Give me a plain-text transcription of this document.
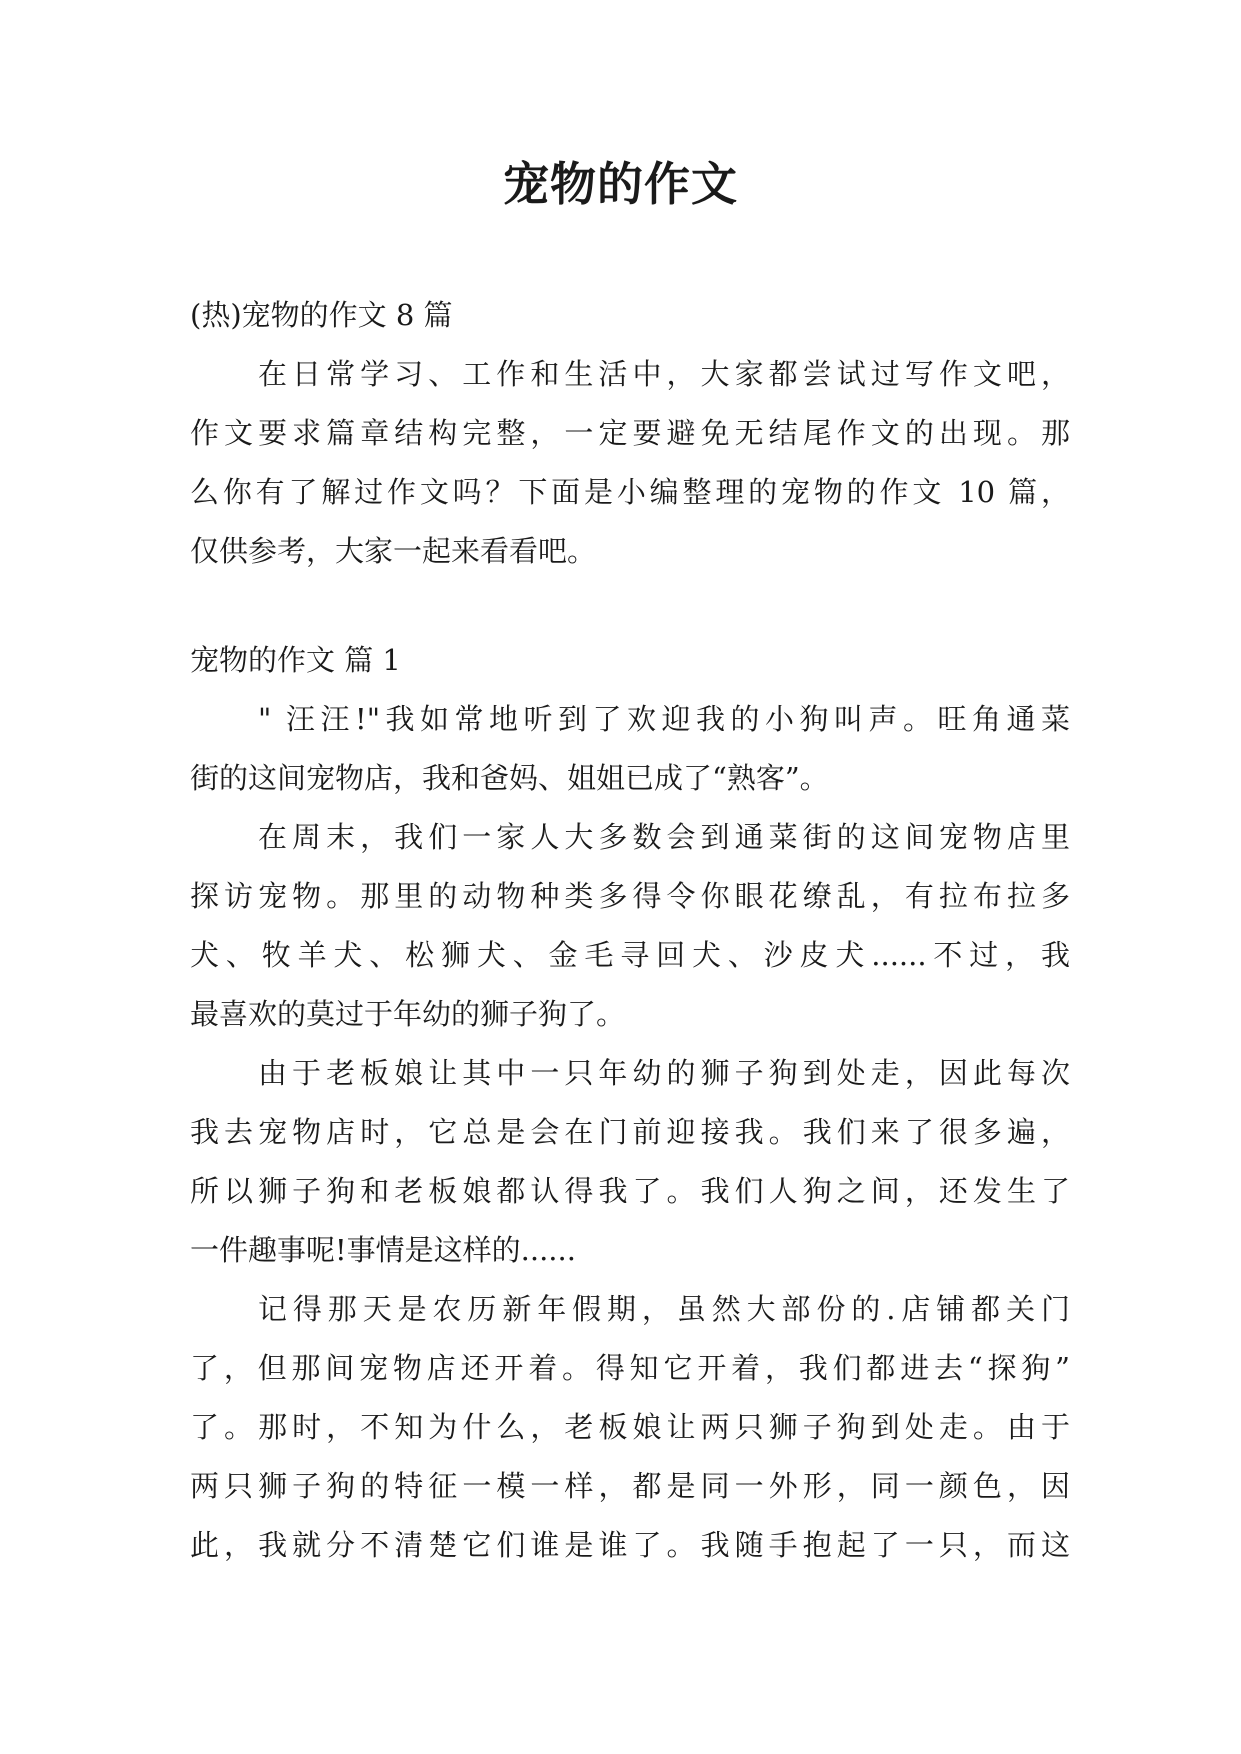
宠物的作文
(热)宠物的作文 8 篇
在日常学习、工作和生活中，大家都尝试过写作文吧，
作文要求篇章结构完整，一定要避免无结尾作文的出现。那
么你有了解过作文吗？下面是小编整理的宠物的作文 10 篇，
仅供参考，大家一起来看看吧。
宠物的作文 篇 1
" 汪汪!"我如常地听到了欢迎我的小狗叫声。旺角通菜
街的这间宠物店，我和爸妈、姐姐已成了“熟客”。
在周末，我们一家人大多数会到通菜街的这间宠物店里
探访宠物。那里的动物种类多得令你眼花缭乱，有拉布拉多
犬、牧羊犬、松狮犬、金毛寻回犬、沙皮犬......不过，我
最喜欢的莫过于年幼的狮子狗了。
由于老板娘让其中一只年幼的狮子狗到处走，因此每次
我去宠物店时，它总是会在门前迎接我。我们来了很多遍，
所以狮子狗和老板娘都认得我了。我们人狗之间，还发生了
一件趣事呢!事情是这样的......
记得那天是农历新年假期，虽然大部份的.店铺都关门
了，但那间宠物店还开着。得知它开着，我们都进去“探狗”
了。那时，不知为什么，老板娘让两只狮子狗到处走。由于
两只狮子狗的特征一模一样，都是同一外形，同一颜色，因
此，我就分不清楚它们谁是谁了。我随手抱起了一只，而这
